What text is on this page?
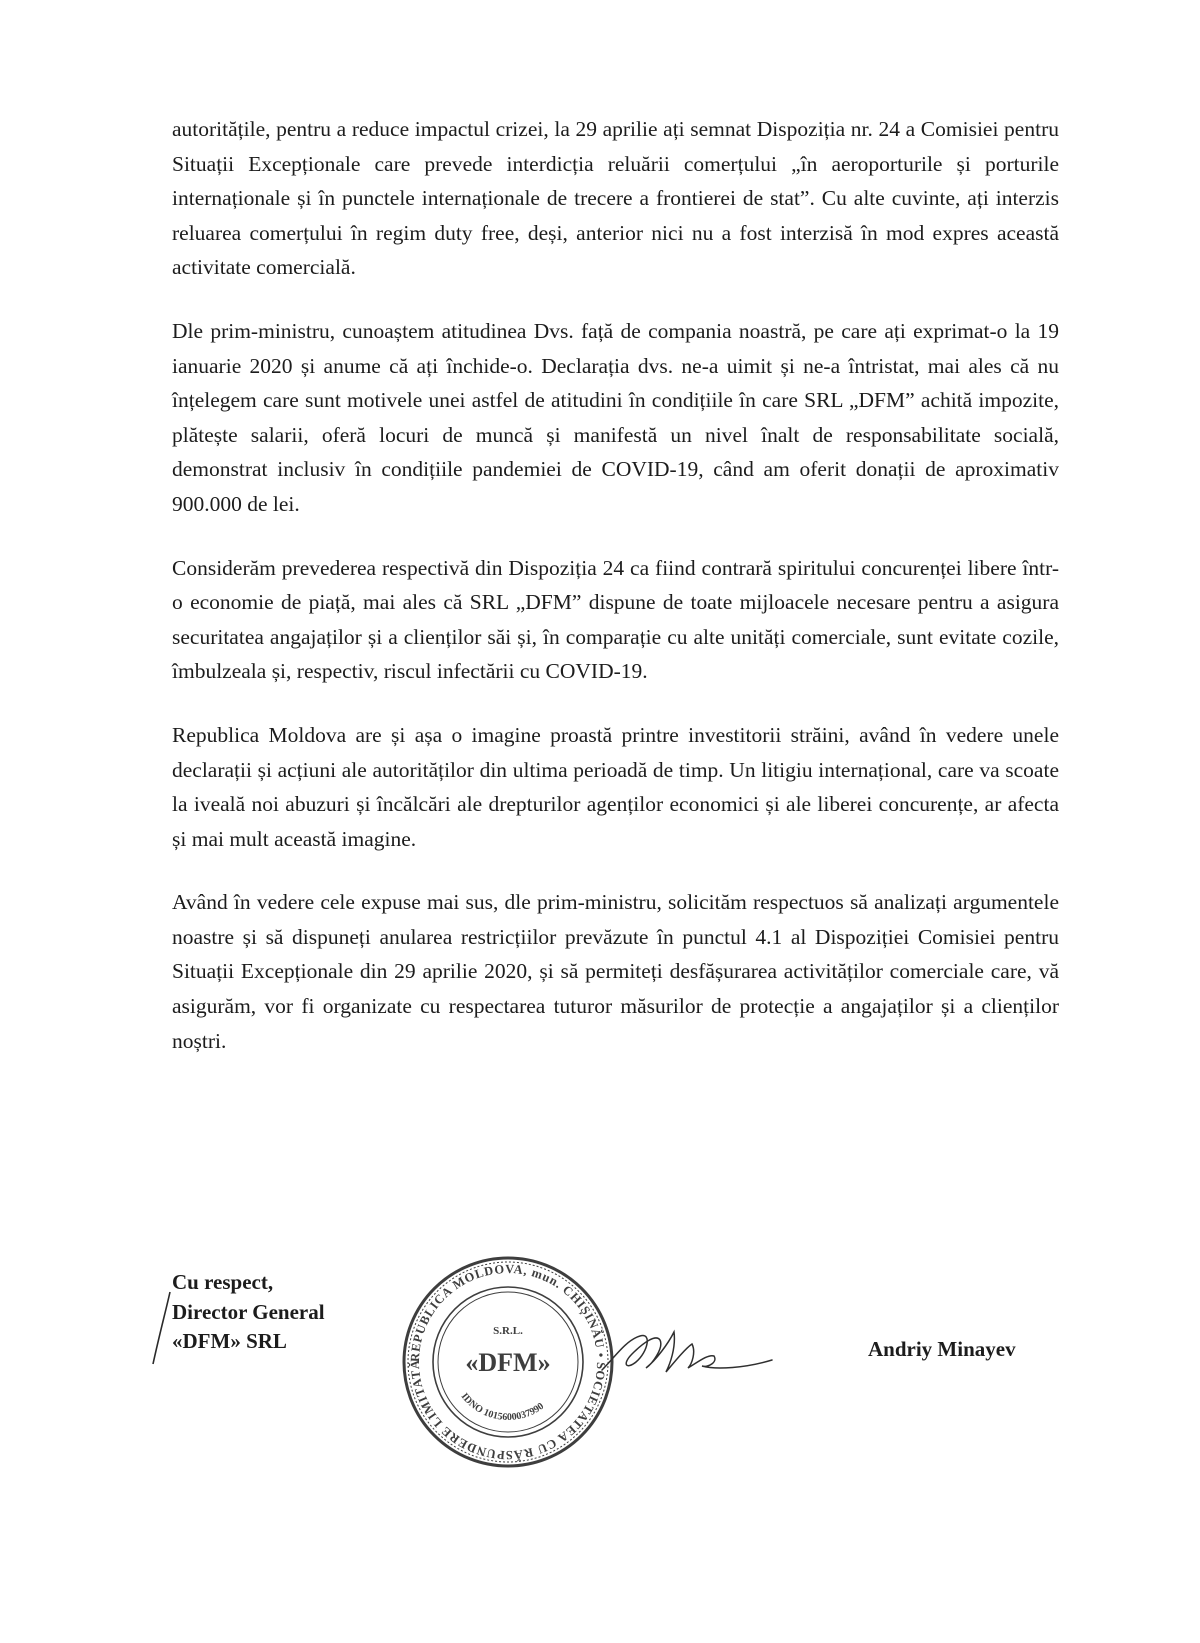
autoritățile, pentru a reduce impactul crizei, la 29 aprilie ați semnat Dispoziția nr. 24 a Comisiei pentru Situații Excepționale care prevede interdicția reluării comerțului „în aeroporturile și porturile internaționale și în punctele internaționale de trecere a frontierei de stat”. Cu alte cuvinte, ați interzis reluarea comerțului în regim duty free, deși, anterior nici nu a fost interzisă în mod expres această activitate comercială.

Dle prim-ministru, cunoaștem atitudinea Dvs. față de compania noastră, pe care ați exprimat-o la 19 ianuarie 2020 și anume că ați închide-o. Declarația dvs. ne-a uimit și ne-a întristat, mai ales că nu înțelegem care sunt motivele unei astfel de atitudini în condițiile în care SRL „DFM” achită impozite, plătește salarii, oferă locuri de muncă și manifestă un nivel înalt de responsabilitate socială, demonstrat inclusiv în condițiile pandemiei de COVID-19, când am oferit donații de aproximativ 900.000 de lei.

Considerăm prevederea respectivă din Dispoziția 24 ca fiind contrară spiritului concurenței libere într-o economie de piață, mai ales că SRL „DFM” dispune de toate mijloacele necesare pentru a asigura securitatea angajaților și a clienților săi și, în comparație cu alte unități comerciale, sunt evitate cozile, îmbulzeala și, respectiv, riscul infectării cu COVID-19.

Republica Moldova are și așa o imagine proastă printre investitorii străini, având în vedere unele declarații și acțiuni ale autorităților din ultima perioadă de timp. Un litigiu internațional, care va scoate la iveală noi abuzuri și încălcări ale drepturilor agenților economici și ale liberei concurențe, ar afecta și mai mult această imagine.

Având în vedere cele expuse mai sus, dle prim-ministru, solicităm respectuos să analizați argumentele noastre și să dispuneți anularea restricțiilor prevăzute în punctul 4.1 al Dispoziției Comisiei pentru Situații Excepționale din 29 aprilie 2020, și să permiteți desfășurarea activităților comerciale care, vă asigurăm, vor fi organizate cu respectarea tuturor măsurilor de protecție a angajaților și a clienților noștri.

Cu respect,
Director General
«DFM» SRL
REPUBLICA MOLDOVA, mun. CHIȘINĂU • SOCIETATEA CU RĂSPUNDERE LIMITATĂ
IDNO 1015600037990
S.R.L.
«DFM»	Andriy Minayev
